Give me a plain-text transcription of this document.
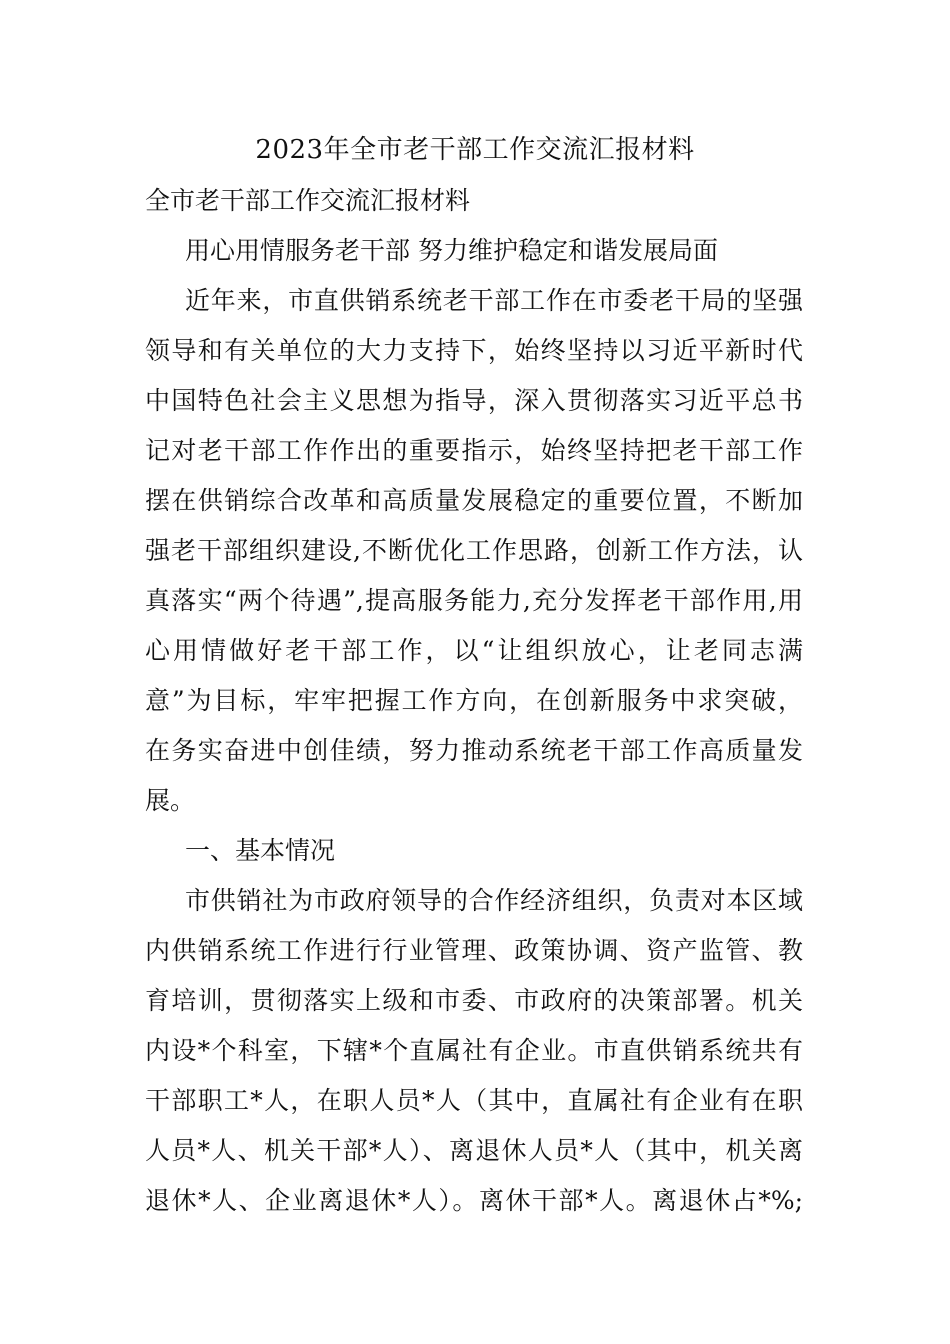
2023年全市老干部工作交流汇报材料
全市老干部工作交流汇报材料
用心用情服务老干部 努力维护稳定和谐发展局面
近年来，市直供销系统老干部工作在市委老干局的坚强
领导和有关单位的大力支持下，始终坚持以习近平新时代
中国特色社会主义思想为指导，深入贯彻落实习近平总书
记对老干部工作作出的重要指示，始终坚持把老干部工作
摆在供销综合改革和高质量发展稳定的重要位置，不断加
强老干部组织建设,不断优化工作思路，创新工作方法，认
真落实“两个待遇”,提高服务能力,充分发挥老干部作用,用
心用情做好老干部工作，以“让组织放心，让老同志满
意”为目标，牢牢把握工作方向，在创新服务中求突破，
在务实奋进中创佳绩，努力推动系统老干部工作高质量发
展。
一、基本情况
市供销社为市政府领导的合作经济组织，负责对本区域
内供销系统工作进行行业管理、政策协调、资产监管、教
育培训，贯彻落实上级和市委、市政府的决策部署。机关
内设*个科室，下辖*个直属社有企业。市直供销系统共有
干部职工*人，在职人员*人（其中，直属社有企业有在职
人员*人、机关干部*人）、离退休人员*人（其中，机关离
退休*人、企业离退休*人）。离休干部*人。离退休占*%;
